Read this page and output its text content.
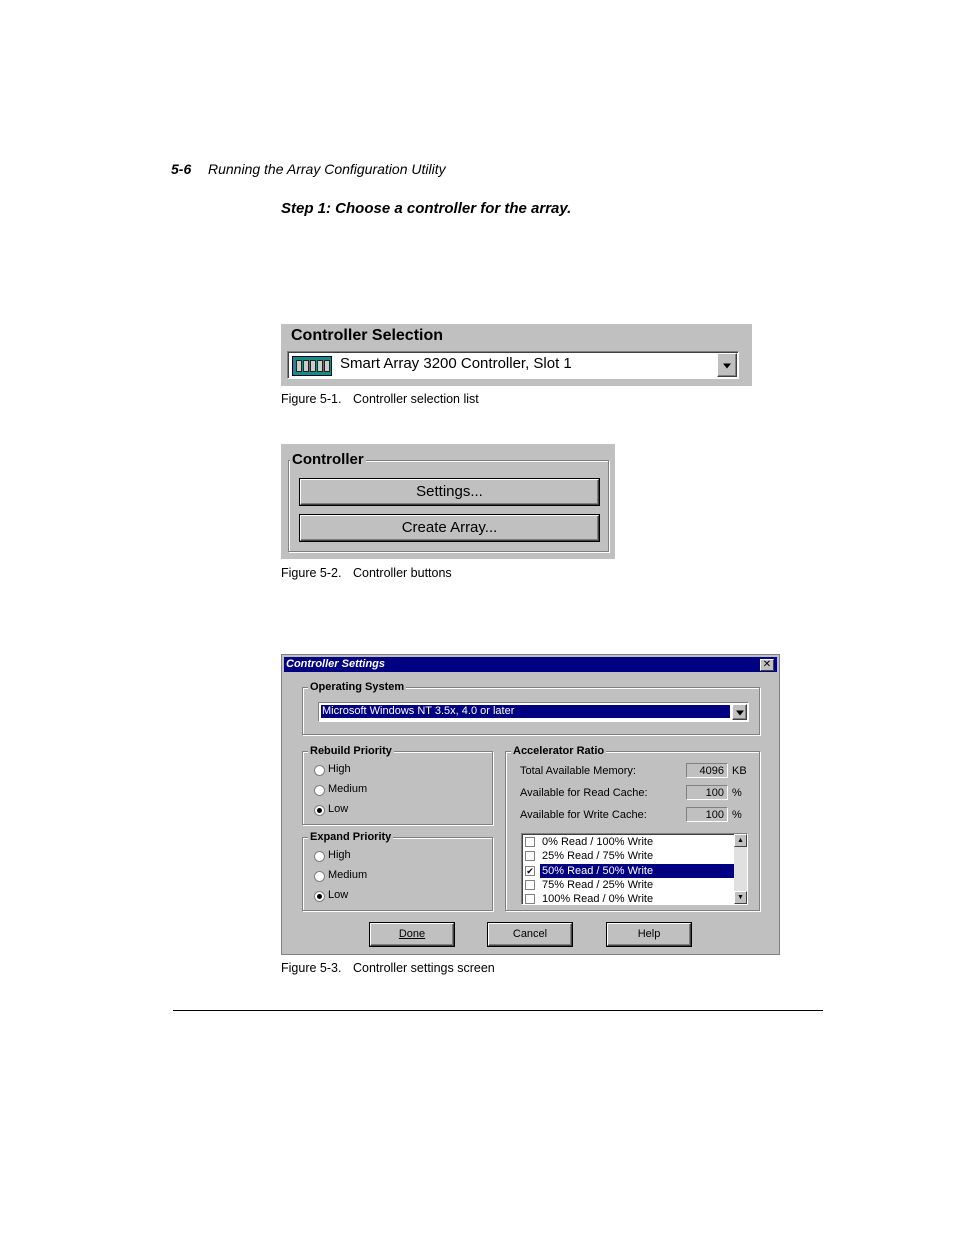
5-6 Running the Array Configuration Utility
Step 1: Choose a controller for the array.
Controller Selection
Smart Array 3200 Controller, Slot 1
Figure 5-1. Controller selection list
Controller
Settings...
Create Array...
Figure 5-2. Controller buttons
Controller Settings	✕
Operating System
Microsoft Windows NT 3.5x, 4.0 or later
Rebuild Priority
High
Medium
Low
Expand Priority
High
Medium
Low
Accelerator Ratio
Total Available Memory:	4096 KB
Available for Read Cache:	100 %
Available for Write Cache:	100 %
0% Read / 100% Write
25% Read / 75% Write
✔ 50% Read / 50% Write
75% Read / 25% Write
100% Read / 0% Write
▲
▼
Done	Cancel	Help
Figure 5-3. Controller settings screen
